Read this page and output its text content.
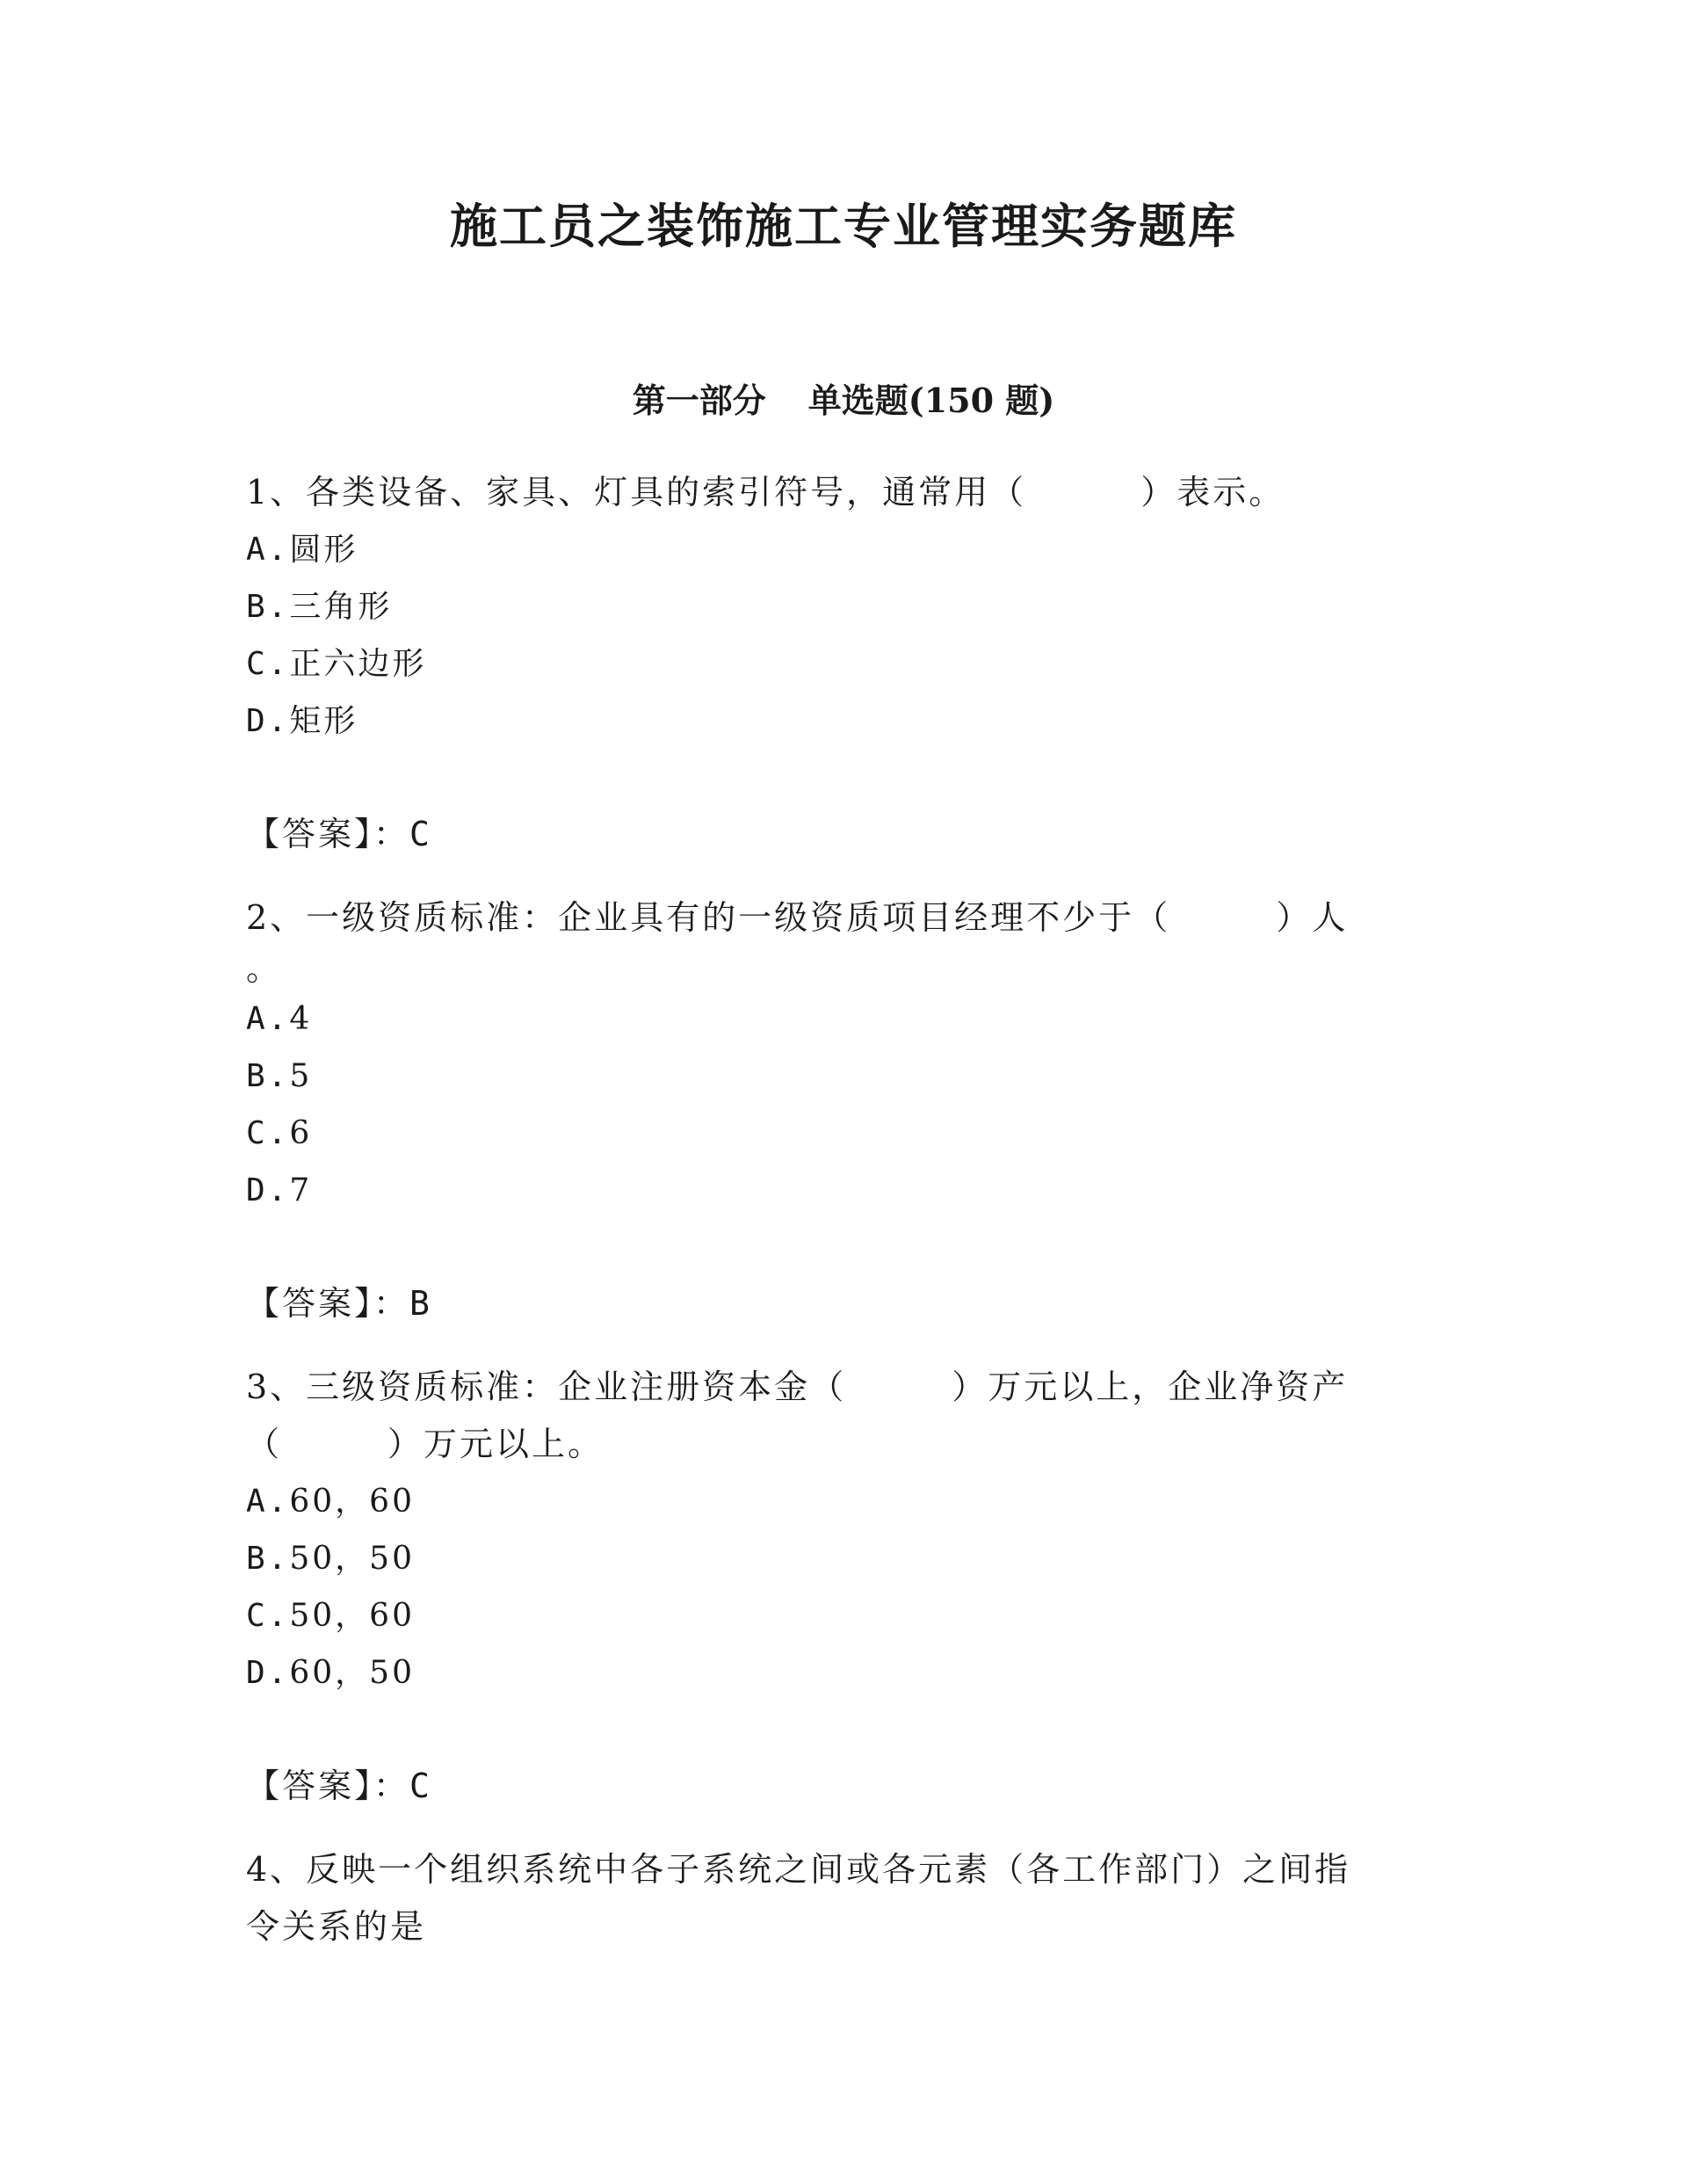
施工员之装饰施工专业管理实务题库
第一部分 单选题(150 题)
1、各类设备、家具、灯具的索引符号，通常用（	）表示。
A.圆形
B.三角形
C.正六边形
D.矩形
【答案】：C
2、一级资质标准：企业具有的一级资质项目经理不少于（	）人
。
A.4
B.5
C.6
D.7
【答案】：B
3、三级资质标准：企业注册资本金（	）万元以上，企业净资产
（	）万元以上。
A.60，60
B.50，50
C.50，60
D.60，50
【答案】：C
4、反映一个组织系统中各子系统之间或各元素（各工作部门）之间指
令关系的是
